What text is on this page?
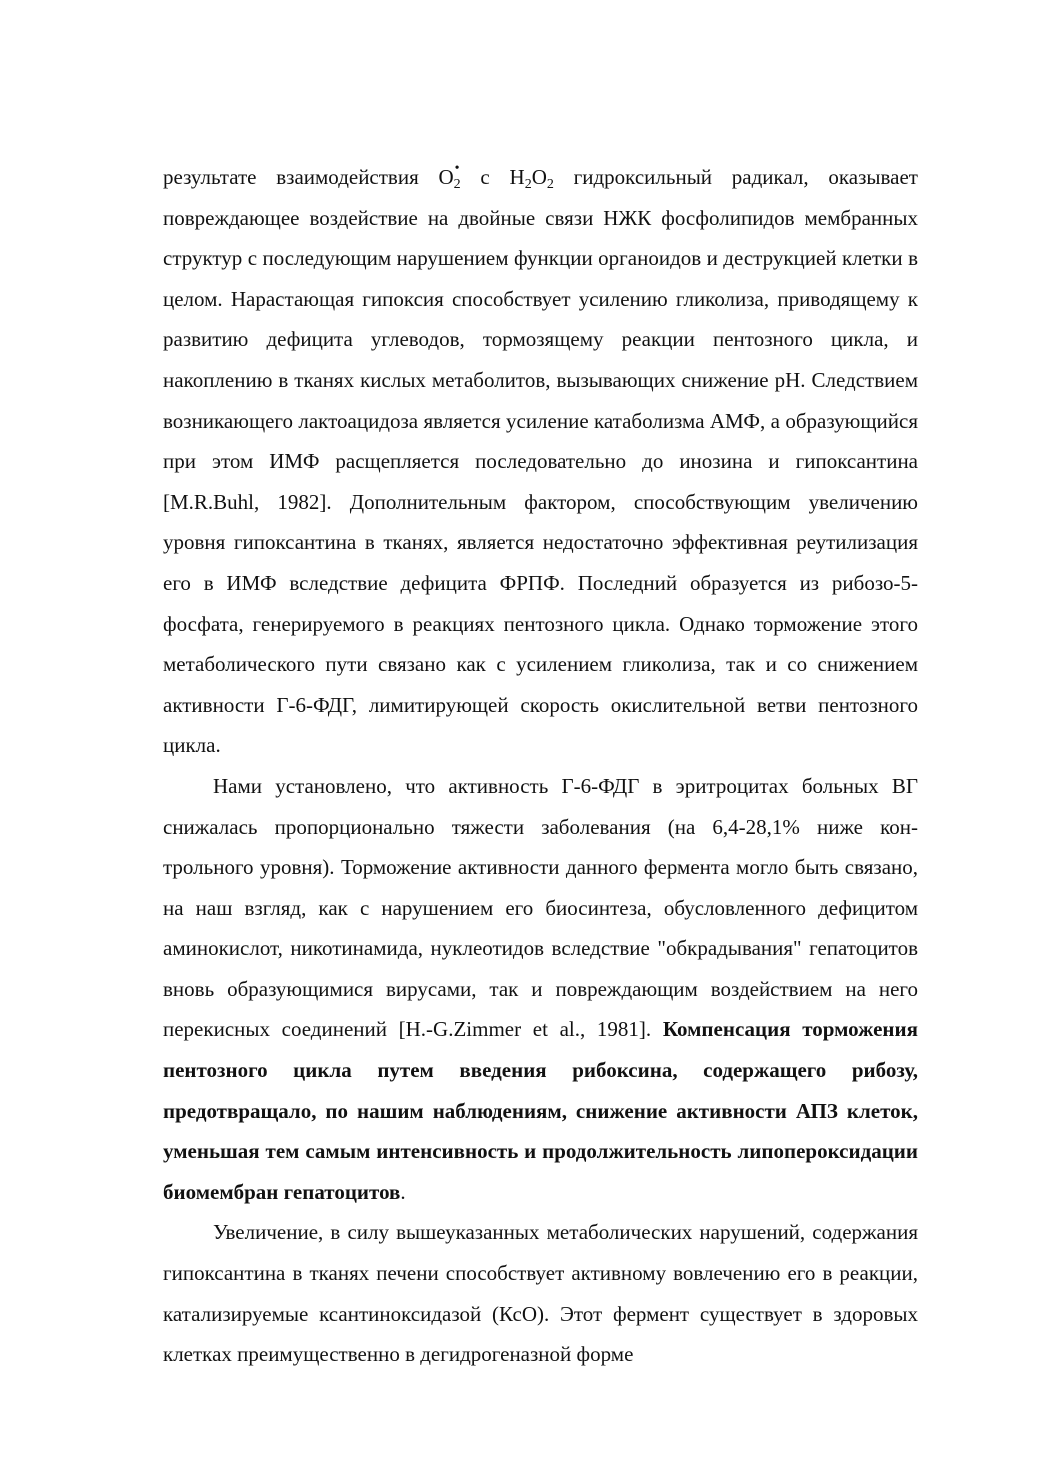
результате взаимодействия O •
2 с $H_2O_2$ гидроксильный радикал, оказывает повреждающее воздействие на двойные связи НЖК фосфолипидов мембранных структур с последующим нарушением функции органоидов и деструкцией клетки в целом. Нарастающая гипоксия способствует усилению гликолиза, приводящему к развитию дефицита углеводов, тормозящему реакции пентозного цикла, и накоплению в тканях кислых метаболитов, вызывающих снижение рН. Следствием возникающего лактоацидоза является усиление катаболизма АМФ, а образующийся при этом ИМФ расщепляется последовательно до инозина и гипоксантина [M.R.Buhl, 1982]. Дополнительным фактором, способствующим увеличению уровня гипоксантина в тканях, является недостаточно эффективная реутилизация его в ИМФ вследствие дефицита ФРПФ. Последний образуется из рибозо-5-фосфата, генерируемого в реакциях пентозного цикла. Однако торможение этого метаболического пути связано как с усилением гликолиза, так и со снижением активности Г-6-ФДГ, лимитирующей скорость окислительной ветви пентозного цикла.

Нами установлено, что активность Г-6-ФДГ в эритроцитах больных ВГ снижалась пропорционально тяжести заболевания (на 6,4-28,1% ниже контрольного уровня). Торможение активности данного фермента могло быть связано, на наш взгляд, как с нарушением его биосинтеза, обусловленного дефицитом аминокислот, никотинамида, нуклеотидов вследствие "обкрадывания" гепатоцитов вновь образующимися вирусами, так и повреждающим воздействием на него перекисных соединений [H.-G.Zimmer et al., 1981]. Компенсация торможения пентозного цикла путем введения рибоксина, содержащего рибозу, предотвращало, по нашим наблюдениям, снижение активности АПЗ клеток, уменьшая тем самым интенсивность и продолжительность липопероксидации биомембран гепатоцитов.

Увеличение, в силу вышеуказанных метаболических нарушений, содержания гипоксантина в тканях печени способствует активному вовлечению его в реакции, катализируемые ксантиноксидазой (КсО). Этот фермент существует в здоровых клетках преимущественно в дегидрогеназной форме
